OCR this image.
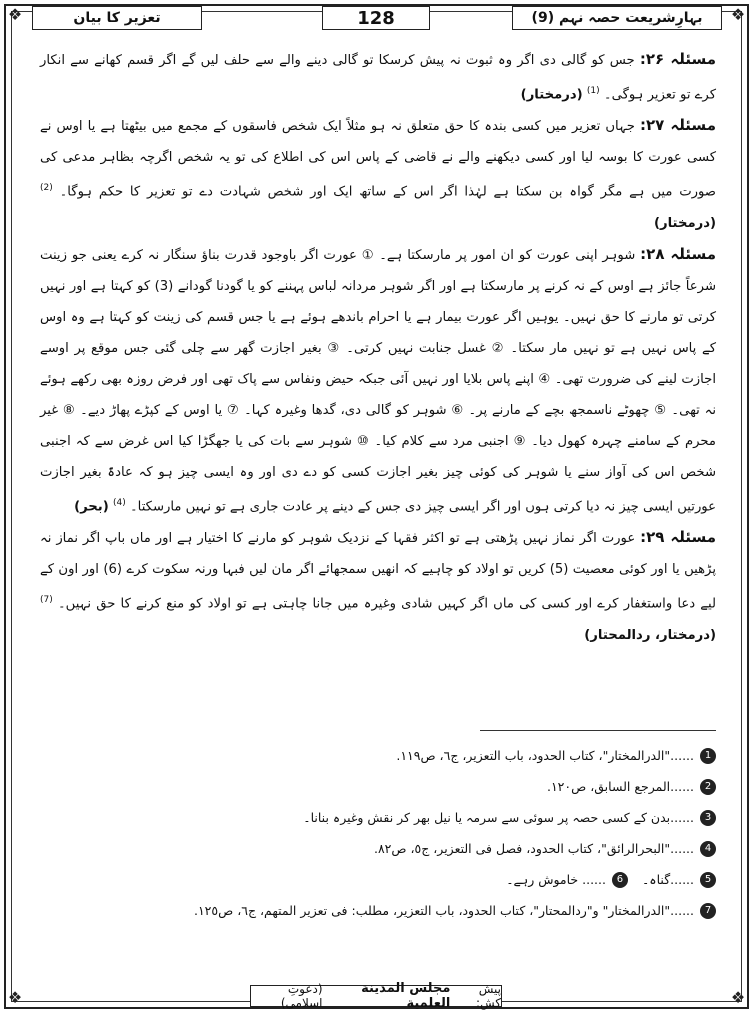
❖	❖
❖	❖
بہارِشریعت حصہ نہم (9)
128
تعزیر کا بیان

مسئلہ ۲۶: جس کو گالی دی اگر وہ ثبوت نہ پیش کرسکا تو گالی دینے والے سے حلف لیں گے اگر قسم کھانے سے انکار کرے تو تعزیر ہوگی۔ $^{(1)}$ (درمختار)

مسئلہ ۲۷: جہاں تعزیر میں کسی بندہ کا حق متعلق نہ ہو مثلاً ایک شخص فاسقوں کے مجمع میں بیٹھتا ہے یا اوس نے کسی عورت کا بوسہ لیا اور کسی دیکھنے والے نے قاضی کے پاس اس کی اطلاع کی تو یہ شخص اگرچہ بظاہر مدعی کی صورت میں ہے مگر گواہ بن سکتا ہے لہٰذا اگر اس کے ساتھ ایک اور شخص شہادت دے تو تعزیر کا حکم ہوگا۔ $^{(2)}$ (درمختار)

مسئلہ ۲۸: شوہر اپنی عورت کو ان امور پر مارسکتا ہے۔ ① عورت اگر باوجود قدرت بناؤ سنگار نہ کرے یعنی جو زینت شرعاً جائز ہے اوس کے نہ کرنے پر مارسکتا ہے اور اگر شوہر مردانہ لباس پہننے کو یا گودنا گودانے (3) کو کہتا ہے اور نہیں کرتی تو مارنے کا حق نہیں۔ یوہیں اگر عورت بیمار ہے یا احرام باندھے ہوئے ہے یا جس قسم کی زینت کو کہتا ہے وہ اوس کے پاس نہیں ہے تو نہیں مار سکتا۔ ② غسل جنابت نہیں کرتی۔ ③ بغیر اجازت گھر سے چلی گئی جس موقع پر اوسے اجازت لینے کی ضرورت تھی۔ ④ اپنے پاس بلایا اور نہیں آئی جبکہ حیض ونفاس سے پاک تھی اور فرض روزہ بھی رکھے ہوئے نہ تھی۔ ⑤ چھوٹے ناسمجھ بچے کے مارنے پر۔ ⑥ شوہر کو گالی دی، گدھا وغیرہ کہا۔ ⑦ یا اوس کے کپڑے پھاڑ دیے۔ ⑧ غیر محرم کے سامنے چہرہ کھول دیا۔ ⑨ اجنبی مرد سے کلام کیا۔ ⑩ شوہر سے بات کی یا جھگڑا کیا اس غرض سے کہ اجنبی شخص اس کی آواز سنے یا شوہر کی کوئی چیز بغیر اجازت کسی کو دے دی اور وہ ایسی چیز ہو کہ عادۃً بغیر اجازت عورتیں ایسی چیز نہ دیا کرتی ہوں اور اگر ایسی چیز دی جس کے دینے پر عادت جاری ہے تو نہیں مارسکتا۔ $^{(4)}$ (بحر)

مسئلہ ۲۹: عورت اگر نماز نہیں پڑھتی ہے تو اکثر فقہا کے نزدیک شوہر کو مارنے کا اختیار ہے اور ماں باپ اگر نماز نہ پڑھیں یا اور کوئی معصیت (5) کریں تو اولاد کو چاہیے کہ انھیں سمجھائے اگر مان لیں فبہا ورنہ سکوت کرے (6) اور اون کے لیے دعا واستغفار کرے اور کسی کی ماں اگر کہیں شادی وغیرہ میں جانا چاہتی ہے تو اولاد کو منع کرنے کا حق نہیں۔ $^{(7)}$ (درمختار، ردالمحتار)

1
......"الدرالمختار"، کتاب الحدود، باب التعزیر، ج٦، ص١١٩.
2
......المرجع السابق، ص١٢٠.
3
......بدن کے کسی حصہ پر سوئی سے سرمہ یا نیل بھر کر نقش وغیرہ بنانا۔
4
......"البحرالرائق"، کتاب الحدود، فصل فی التعزیر، ج٥، ص٨٢.
5
......گناہ۔
6
...... خاموش رہے۔
7
......"الدرالمختار" و"ردالمحتار"، کتاب الحدود، باب التعزیر، مطلب: فی تعزیر المتهم، ج٦، ص١٢٥.
پیش کش:
مجلس المدينة العلمية
(دعوتِ اسلامی)
